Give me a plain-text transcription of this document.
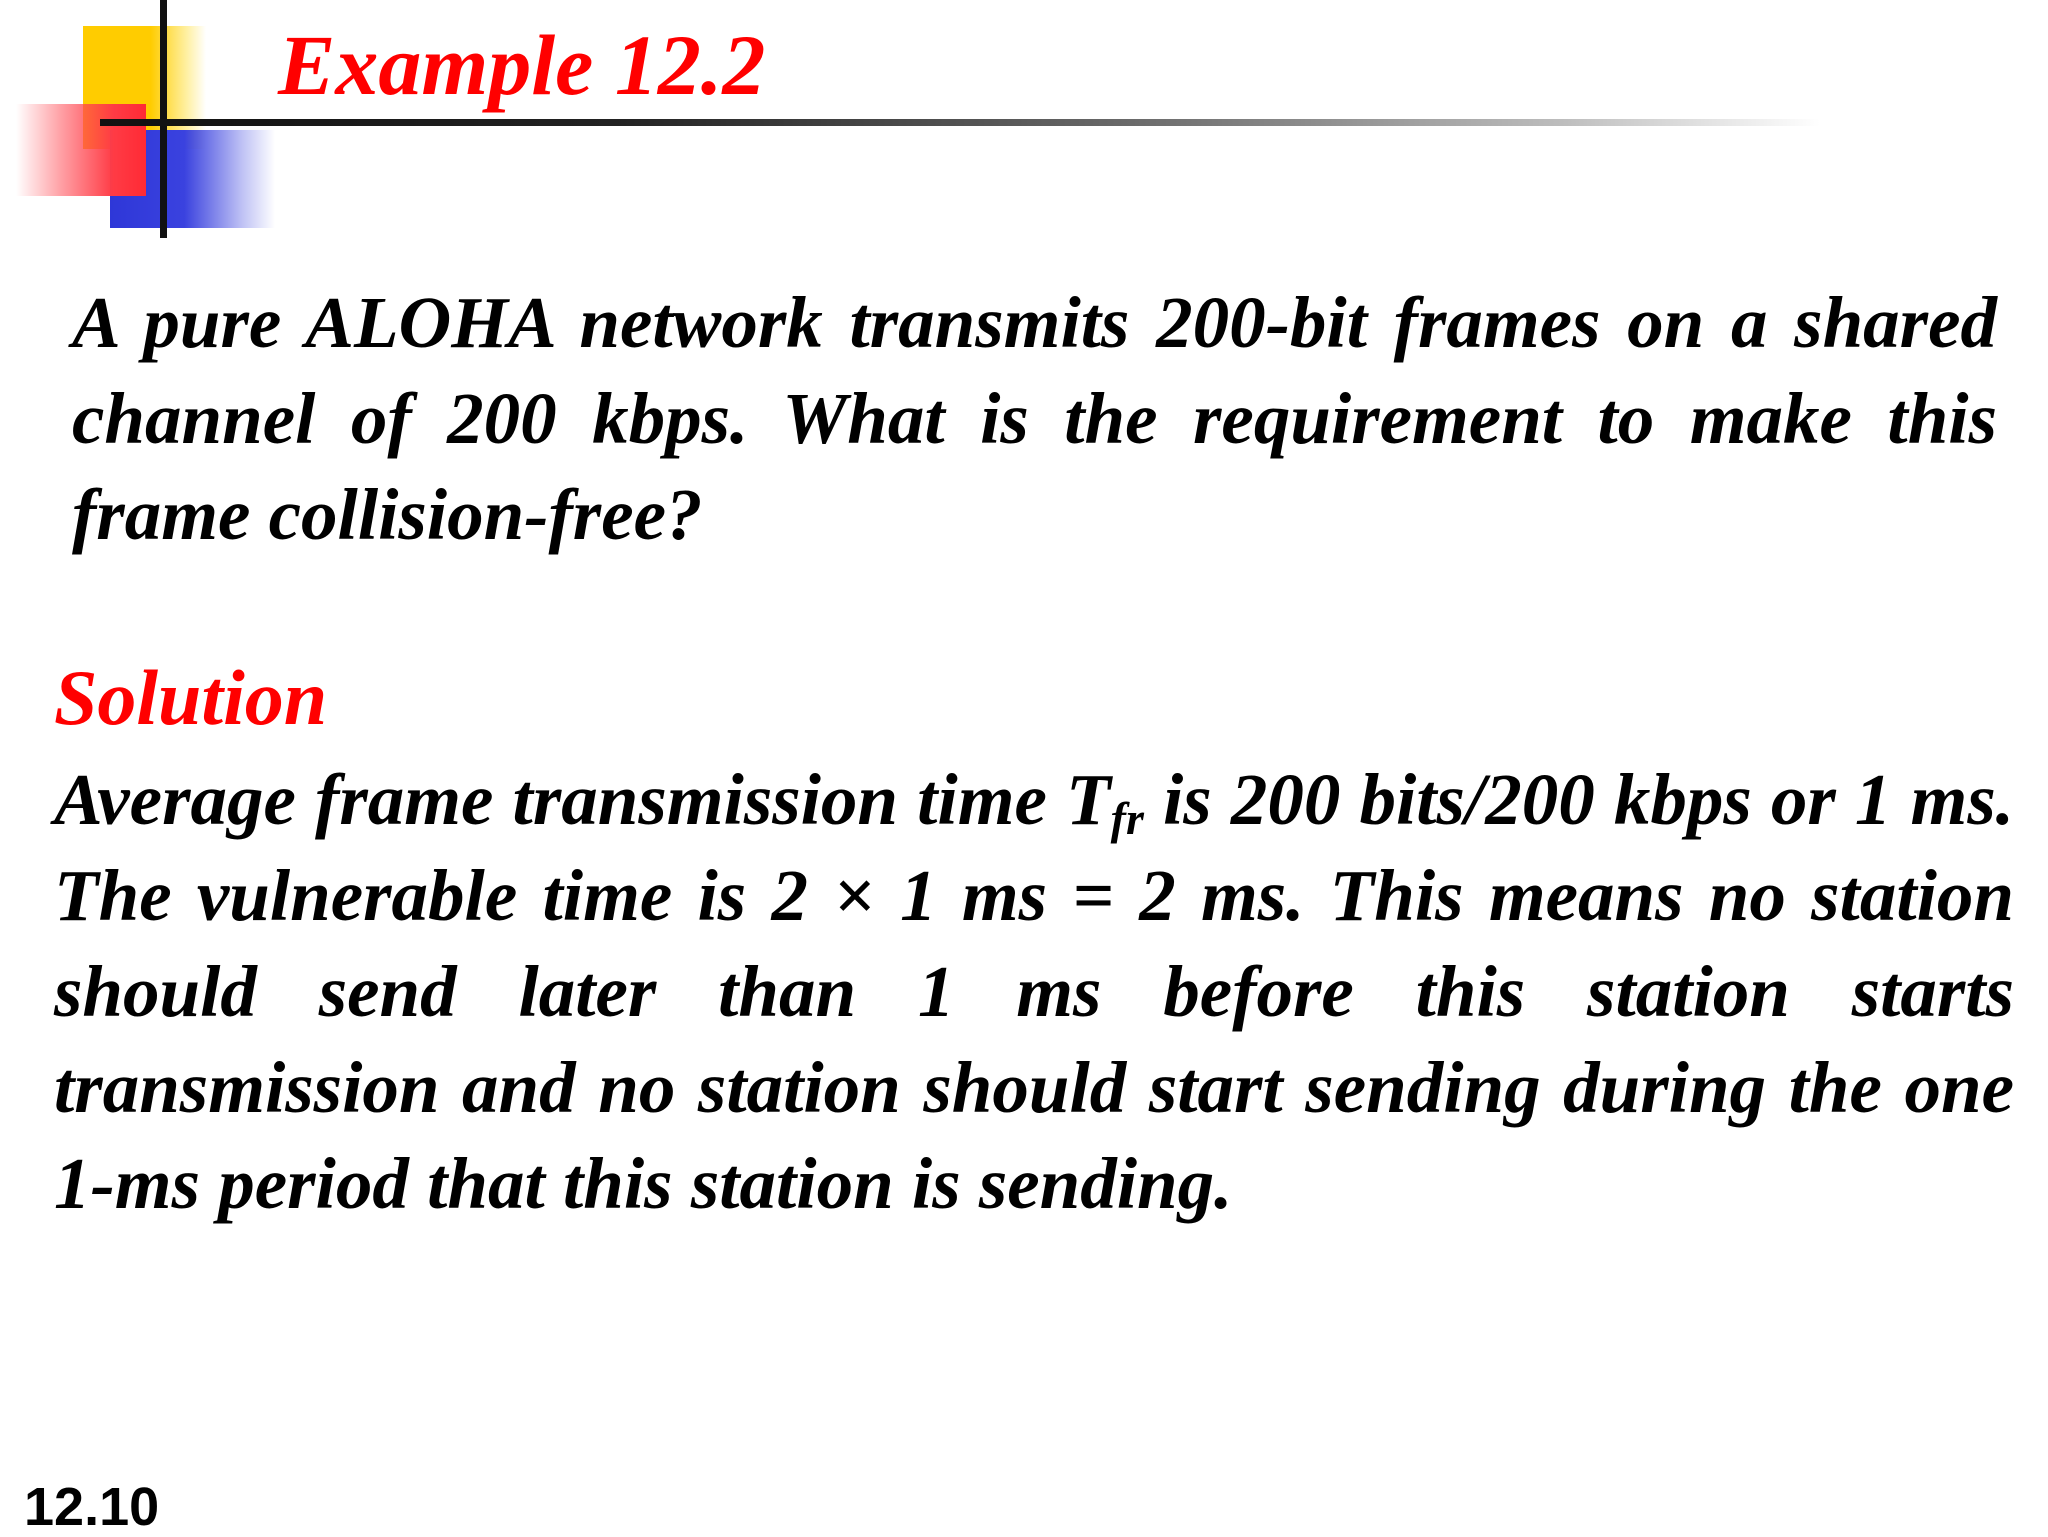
Example 12.2

A pure ALOHA network transmits 200-bit frames on a shared channel of 200 kbps. What is the requirement to make this frame collision-free?

Solution

Average frame transmission time $T_{fr}$ is 200 bits/200 kbps or 1 ms. The vulnerable time is 2 × 1 ms = 2 ms. This means no station should send later than 1 ms before this station starts transmission and no station should start sending during the one 1-ms period that this station is sending.

12.10
